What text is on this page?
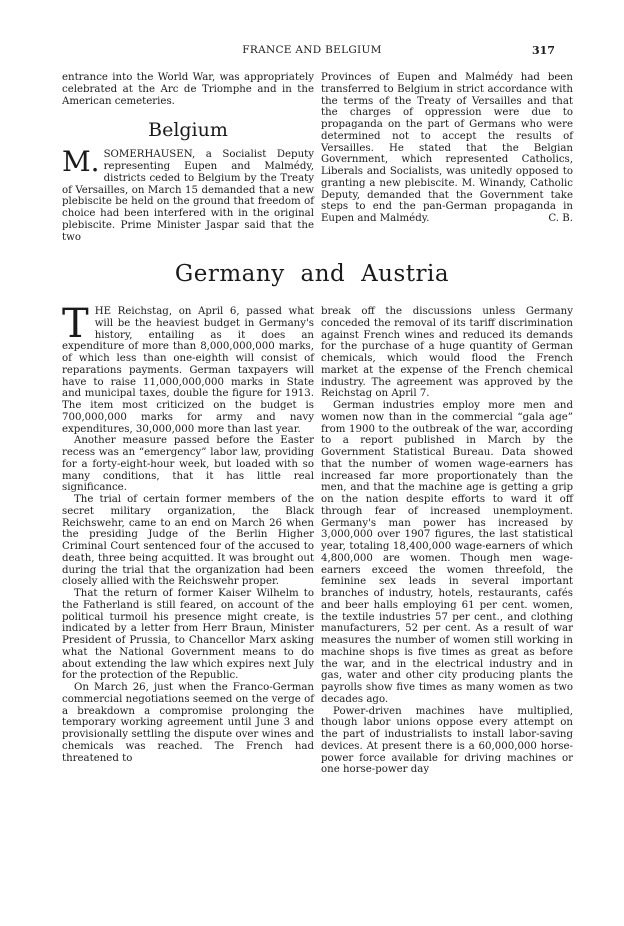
FRANCE AND BELGIUM	317

entrance into the World War, was appropriately celebrated at the Arc de Triomphe and in the American cemeteries.

Belgium

M. SOMERHAUSEN, a Socialist Deputy representing Eupen and Malmédy, districts ceded to Belgium by the Treaty of Versailles, on March 15 demanded that a new plebiscite be held on the ground that freedom of choice had been interfered with in the original plebiscite. Prime Minister Jaspar said that the two

Provinces of Eupen and Malmédy had been transferred to Belgium in strict accordance with the terms of the Treaty of Versailles and that the charges of oppression were due to propaganda on the part of Germans who were determined not to accept the results of Versailles. He stated that the Belgian Government, which represented Catholics, Liberals and Socialists, was unitedly opposed to granting a new plebiscite. M. Winandy, Catholic Deputy, demanded that the Government take steps to end the pan-German propaganda in Eupen and Malmédy.	C. B.

Germany and Austria

T HE Reichstag, on April 6, passed what will be the heaviest budget in Germany's history, entailing as it does an expenditure of more than 8,000,000,000 marks, of which less than one-eighth will consist of reparations payments. German taxpayers will have to raise 11,000,000,000 marks in State and municipal taxes, double the figure for 1913. The item most criticized on the budget is 700,000,000 marks for army and navy expenditures, 30,000,000 more than last year.

Another measure passed before the Easter recess was an “emergency” labor law, providing for a forty-eight-hour week, but loaded with so many conditions, that it has little real significance.

The trial of certain former members of the secret military organization, the Black Reichswehr, came to an end on March 26 when the presiding Judge of the Berlin Higher Criminal Court sentenced four of the accused to death, three being acquitted. It was brought out during the trial that the organization had been closely allied with the Reichswehr proper.

That the return of former Kaiser Wilhelm to the Fatherland is still feared, on account of the political turmoil his presence might create, is indicated by a letter from Herr Braun, Minister President of Prussia, to Chancellor Marx asking what the National Government means to do about extending the law which expires next July for the protection of the Republic.

On March 26, just when the Franco-German commercial negotiations seemed on the verge of a breakdown a compromise prolonging the temporary working agreement until June 3 and provisionally settling the dispute over wines and chemicals was reached. The French had threatened to

break off the discussions unless Germany conceded the removal of its tariff discrimination against French wines and reduced its demands for the purchase of a huge quantity of German chemicals, which would flood the French market at the expense of the French chemical industry. The agreement was approved by the Reichstag on April 7.

German industries employ more men and women now than in the commercial “gala age” from 1900 to the outbreak of the war, according to a report published in March by the Government Statistical Bureau. Data showed that the number of women wage-earners has increased far more proportionately than the men, and that the machine age is getting a grip on the nation despite efforts to ward it off through fear of increased unemployment. Germany's man power has increased by 3,000,000 over 1907 figures, the last statistical year, totaling 18,400,000 wage-earners of which 4,800,000 are women. Though men wage-earners exceed the women threefold, the feminine sex leads in several important branches of industry, hotels, restaurants, cafés and beer halls employing 61 per cent. women, the textile industries 57 per cent., and clothing manufacturers, 52 per cent. As a result of war measures the number of women still working in machine shops is five times as great as before the war, and in the electrical industry and in gas, water and other city producing plants the payrolls show five times as many women as two decades ago.

Power-driven machines have multiplied, though labor unions oppose every attempt on the part of industrialists to install labor-saving devices. At present there is a 60,000,000 horse-power force available for driving machines or one horse-power day
